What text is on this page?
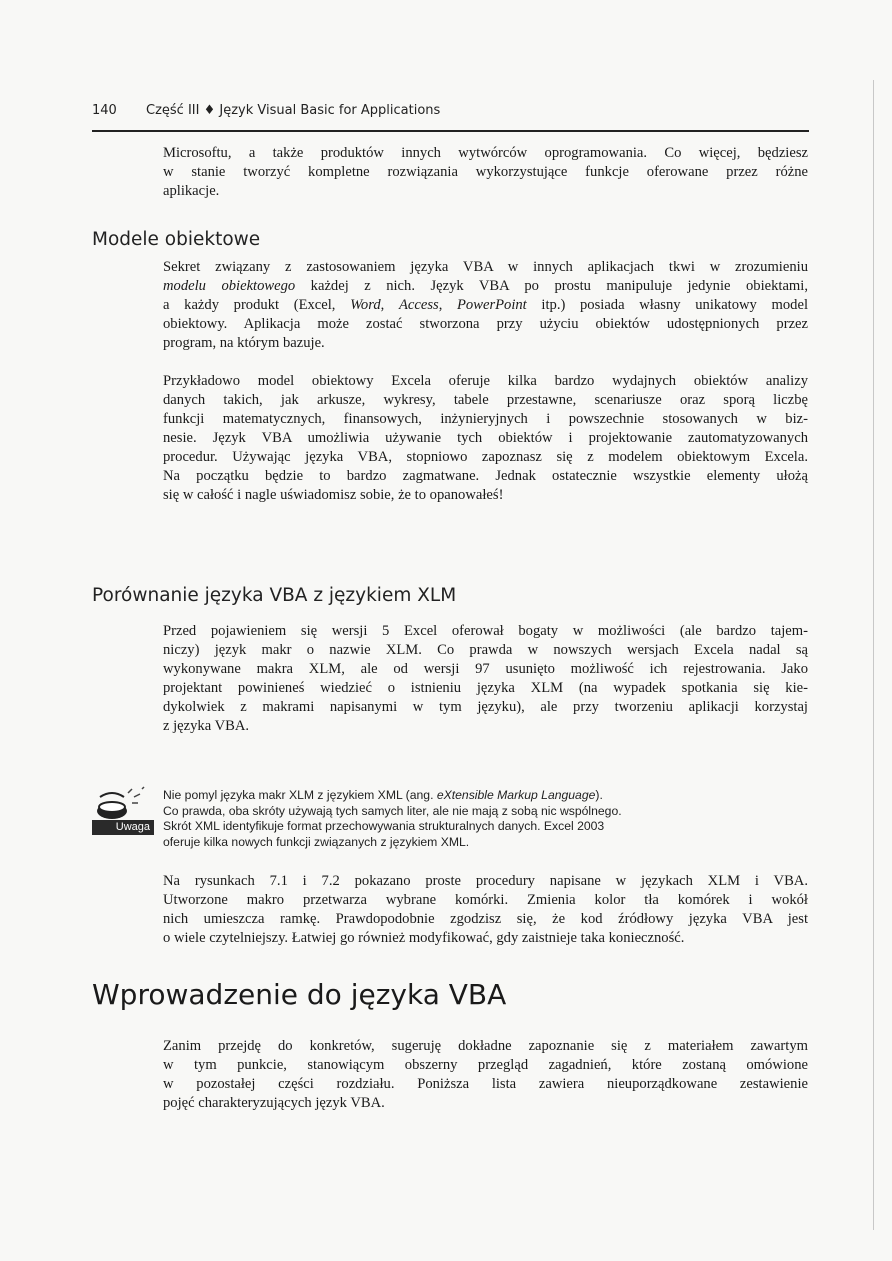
140 Część III ♦ Język Visual Basic for Applications
Microsoftu, a także produktów innych wytwórców oprogramowania. Co więcej, będziesz
w stanie tworzyć kompletne rozwiązania wykorzystujące funkcje oferowane przez różne
aplikacje.
Modele obiektowe
Sekret związany z zastosowaniem języka VBA w innych aplikacjach tkwi w zrozumieniu
modelu obiektowego każdej z nich. Język VBA po prostu manipuluje jedynie obiektami,
a każdy produkt (Excel, Word, Access, PowerPoint itp.) posiada własny unikatowy model
obiektowy. Aplikacja może zostać stworzona przy użyciu obiektów udostępnionych przez
program, na którym bazuje.
Przykładowo model obiektowy Excela oferuje kilka bardzo wydajnych obiektów analizy
danych takich, jak arkusze, wykresy, tabele przestawne, scenariusze oraz sporą liczbę
funkcji matematycznych, finansowych, inżynieryjnych i powszechnie stosowanych w biz-
nesie. Język VBA umożliwia używanie tych obiektów i projektowanie zautomatyzowanych
procedur. Używając języka VBA, stopniowo zapoznasz się z modelem obiektowym Excela.
Na początku będzie to bardzo zagmatwane. Jednak ostatecznie wszystkie elementy ułożą
się w całość i nagle uświadomisz sobie, że to opanowałeś!
Porównanie języka VBA z językiem XLM
Przed pojawieniem się wersji 5 Excel oferował bogaty w możliwości (ale bardzo tajem-
niczy) język makr o nazwie XLM. Co prawda w nowszych wersjach Excela nadal są
wykonywane makra XLM, ale od wersji 97 usunięto możliwość ich rejestrowania. Jako
projektant powinieneś wiedzieć o istnieniu języka XLM (na wypadek spotkania się kie-
dykolwiek z makrami napisanymi w tym języku), ale przy tworzeniu aplikacji korzystaj
z języka VBA.
Uwaga
Nie pomyl języka makr XLM z językiem XML (ang. eXtensible Markup Language).
Co prawda, oba skróty używają tych samych liter, ale nie mają z sobą nic wspólnego.
Skrót XML identyfikuje format przechowywania strukturalnych danych. Excel 2003
oferuje kilka nowych funkcji związanych z językiem XML.
Na rysunkach 7.1 i 7.2 pokazano proste procedury napisane w językach XLM i VBA.
Utworzone makro przetwarza wybrane komórki. Zmienia kolor tła komórek i wokół
nich umieszcza ramkę. Prawdopodobnie zgodzisz się, że kod źródłowy języka VBA jest
o wiele czytelniejszy. Łatwiej go również modyfikować, gdy zaistnieje taka konieczność.
Wprowadzenie do języka VBA
Zanim przejdę do konkretów, sugeruję dokładne zapoznanie się z materiałem zawartym
w tym punkcie, stanowiącym obszerny przegląd zagadnień, które zostaną omówione
w pozostałej części rozdziału. Poniższa lista zawiera nieuporządkowane zestawienie
pojęć charakteryzujących język VBA.
